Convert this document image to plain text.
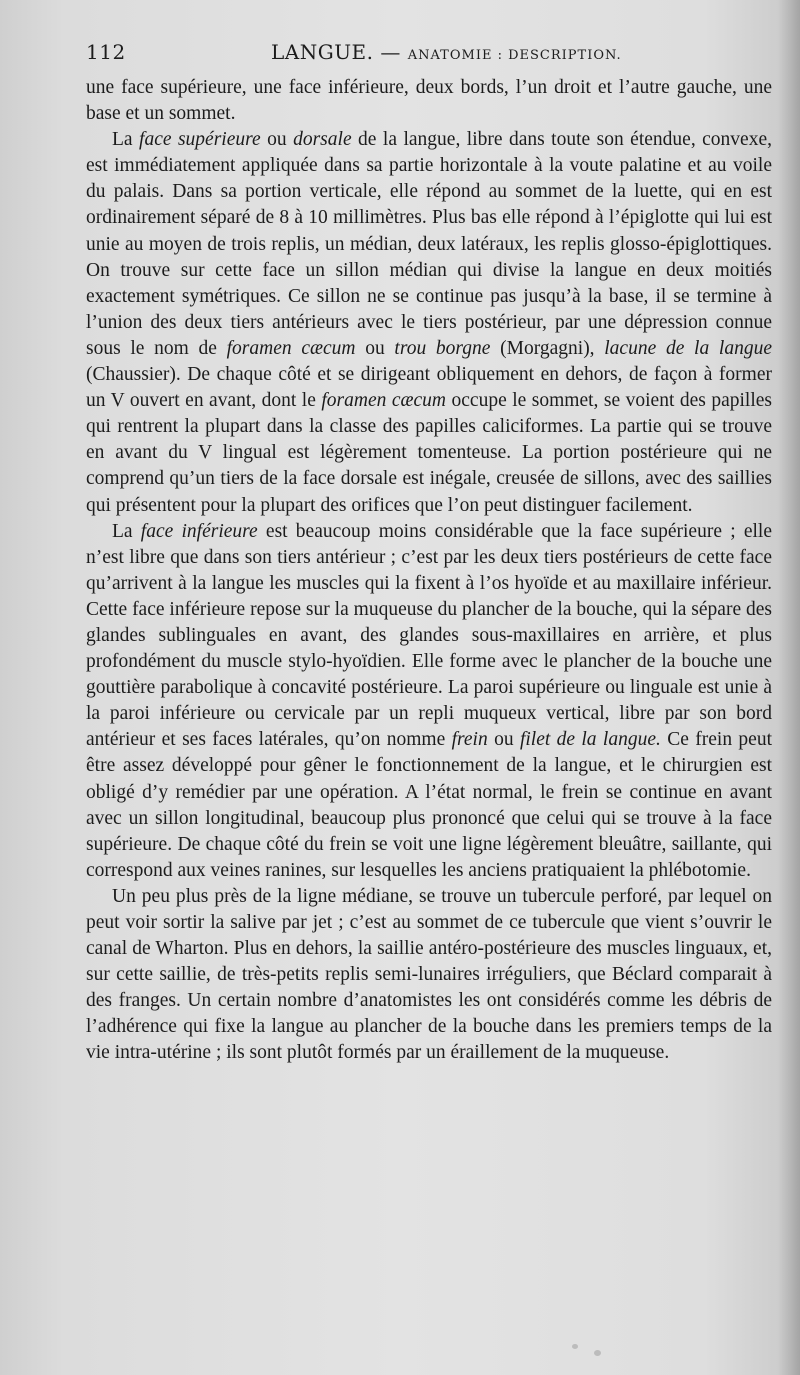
112	LANGUE. — ANATOMIE : DESCRIPTION.

une face supérieure, une face inférieure, deux bords, l’un droit et l’autre gauche, une base et un sommet.

La face supérieure ou dorsale de la langue, libre dans toute son étendue, convexe, est immédiatement appliquée dans sa partie horizontale à la voute palatine et au voile du palais. Dans sa portion verticale, elle répond au sommet de la luette, qui en est ordinairement séparé de 8 à 10 millimètres. Plus bas elle répond à l’épiglotte qui lui est unie au moyen de trois replis, un médian, deux latéraux, les replis glosso-épiglottiques. On trouve sur cette face un sillon médian qui divise la langue en deux moitiés exactement symétriques. Ce sillon ne se continue pas jusqu’à la base, il se termine à l’union des deux tiers antérieurs avec le tiers postérieur, par une dépression connue sous le nom de foramen cæcum ou trou borgne (Morgagni), lacune de la langue (Chaussier). De chaque côté et se dirigeant obliquement en dehors, de façon à former un V ouvert en avant, dont le foramen cæcum occupe le sommet, se voient des papilles qui rentrent la plupart dans la classe des papilles caliciformes. La partie qui se trouve en avant du V lingual est légèrement tomenteuse. La portion postérieure qui ne comprend qu’un tiers de la face dorsale est inégale, creusée de sillons, avec des saillies qui présentent pour la plupart des orifices que l’on peut distinguer facilement.

La face inférieure est beaucoup moins considérable que la face supérieure ; elle n’est libre que dans son tiers antérieur ; c’est par les deux tiers postérieurs de cette face qu’arrivent à la langue les muscles qui la fixent à l’os hyoïde et au maxillaire inférieur. Cette face inférieure repose sur la muqueuse du plancher de la bouche, qui la sépare des glandes sublinguales en avant, des glandes sous-maxillaires en arrière, et plus profondément du muscle stylo-hyoïdien. Elle forme avec le plancher de la bouche une gouttière parabolique à concavité postérieure. La paroi supérieure ou linguale est unie à la paroi inférieure ou cervicale par un repli muqueux vertical, libre par son bord antérieur et ses faces latérales, qu’on nomme frein ou filet de la langue. Ce frein peut être assez développé pour gêner le fonctionnement de la langue, et le chirurgien est obligé d’y remédier par une opération. A l’état normal, le frein se continue en avant avec un sillon longitudinal, beaucoup plus prononcé que celui qui se trouve à la face supérieure. De chaque côté du frein se voit une ligne légèrement bleuâtre, saillante, qui correspond aux veines ranines, sur lesquelles les anciens pratiquaient la phlébotomie.

Un peu plus près de la ligne médiane, se trouve un tubercule perforé, par lequel on peut voir sortir la salive par jet ; c’est au sommet de ce tubercule que vient s’ouvrir le canal de Wharton. Plus en dehors, la saillie antéro-postérieure des muscles linguaux, et, sur cette saillie, de très-petits replis semi-lunaires irréguliers, que Béclard comparait à des franges. Un certain nombre d’anatomistes les ont considérés comme les débris de l’adhérence qui fixe la langue au plancher de la bouche dans les premiers temps de la vie intra-utérine ; ils sont plutôt formés par un éraillement de la muqueuse.
